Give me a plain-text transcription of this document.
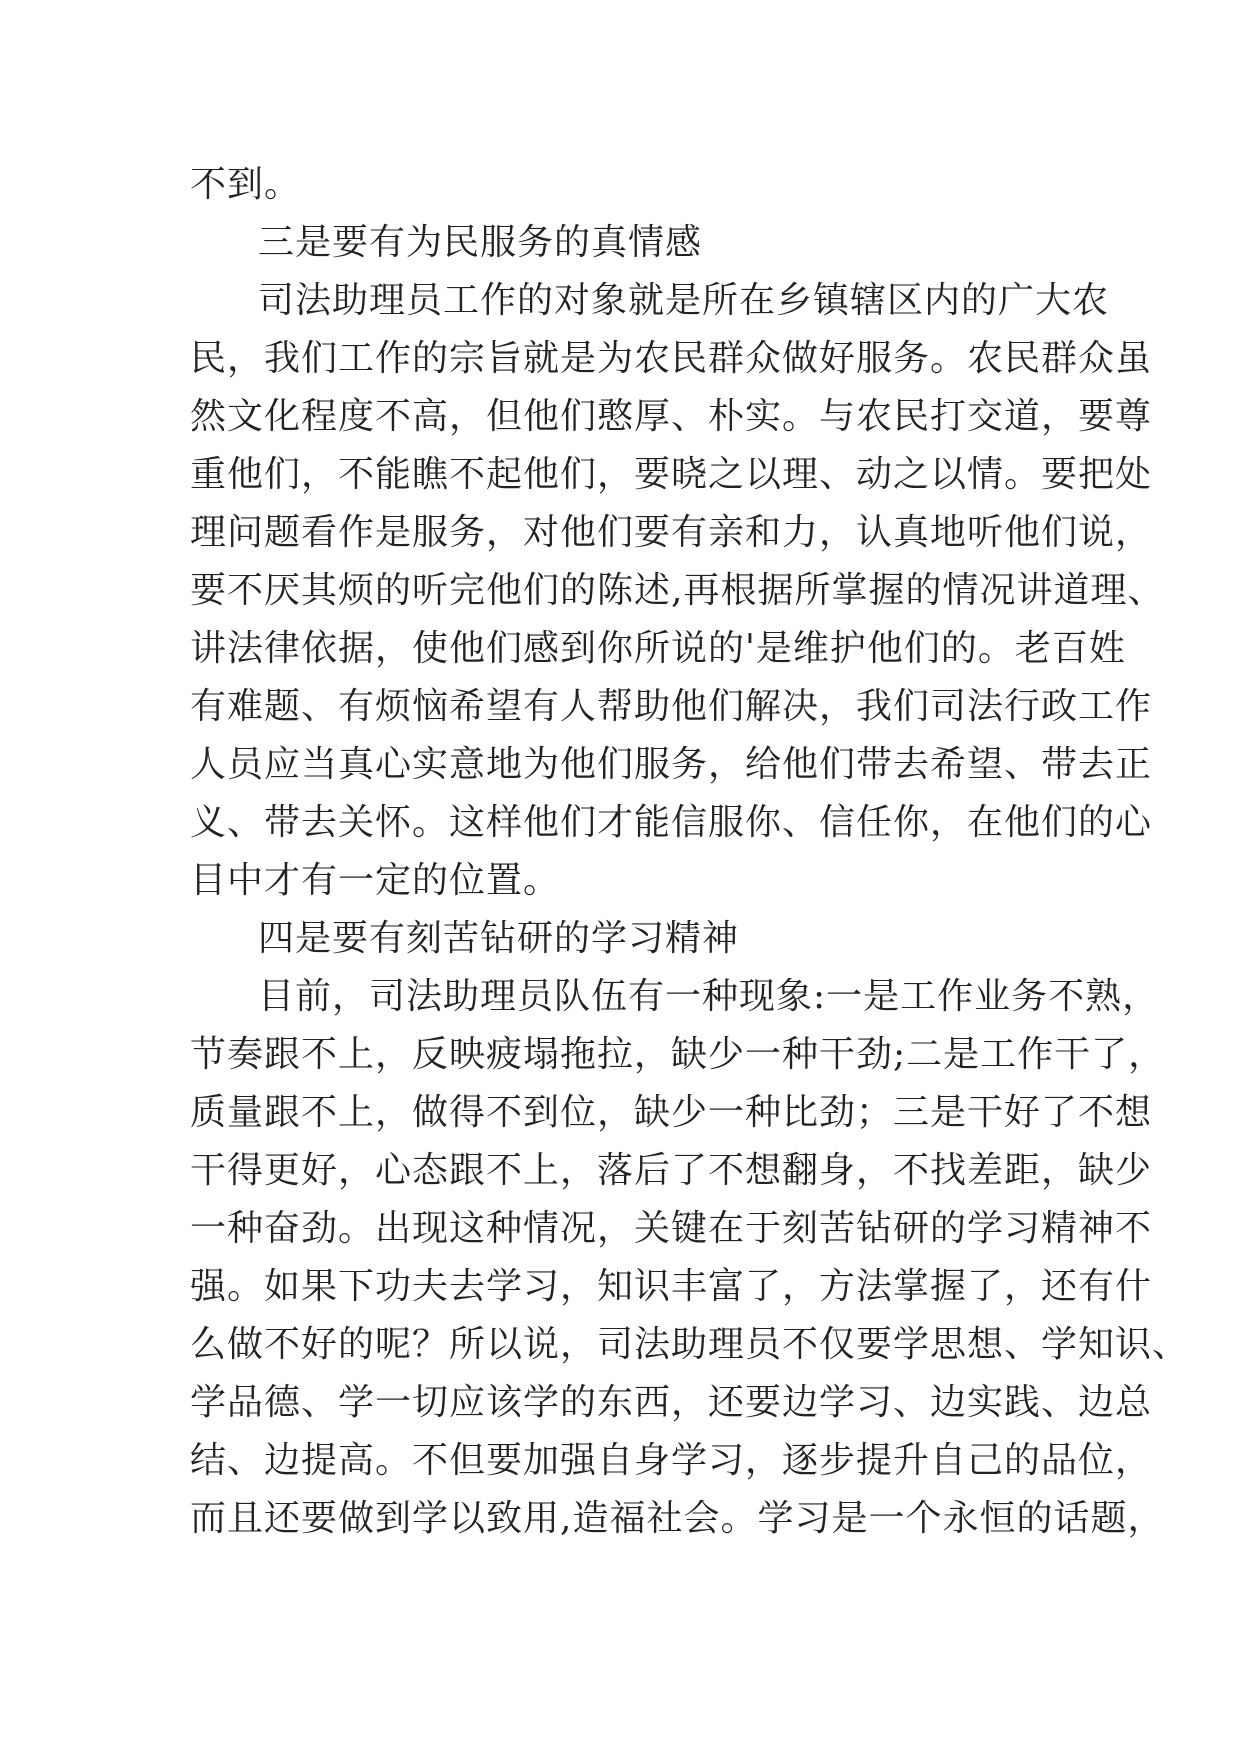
不到。
三是要有为民服务的真情感
司法助理员工作的对象就是所在乡镇辖区内的广大农
民，我们工作的宗旨就是为农民群众做好服务。农民群众虽
然文化程度不高，但他们憨厚、朴实。与农民打交道，要尊
重他们，不能瞧不起他们，要晓之以理、动之以情。要把处
理问题看作是服务，对他们要有亲和力，认真地听他们说，
要不厌其烦的听完他们的陈述,再根据所掌握的情况讲道理、
讲法律依据，使他们感到你所说的'是维护他们的。老百姓
有难题、有烦恼希望有人帮助他们解决，我们司法行政工作
人员应当真心实意地为他们服务，给他们带去希望、带去正
义、带去关怀。这样他们才能信服你、信任你，在他们的心
目中才有一定的位置。
四是要有刻苦钻研的学习精神
目前，司法助理员队伍有一种现象:一是工作业务不熟，
节奏跟不上，反映疲塌拖拉，缺少一种干劲;二是工作干了，
质量跟不上，做得不到位，缺少一种比劲；三是干好了不想
干得更好，心态跟不上，落后了不想翻身，不找差距，缺少
一种奋劲。出现这种情况，关键在于刻苦钻研的学习精神不
强。如果下功夫去学习，知识丰富了，方法掌握了，还有什
么做不好的呢？所以说，司法助理员不仅要学思想、学知识、
学品德、学一切应该学的东西，还要边学习、边实践、边总
结、边提高。不但要加强自身学习，逐步提升自己的品位，
而且还要做到学以致用,造福社会。学习是一个永恒的话题，
